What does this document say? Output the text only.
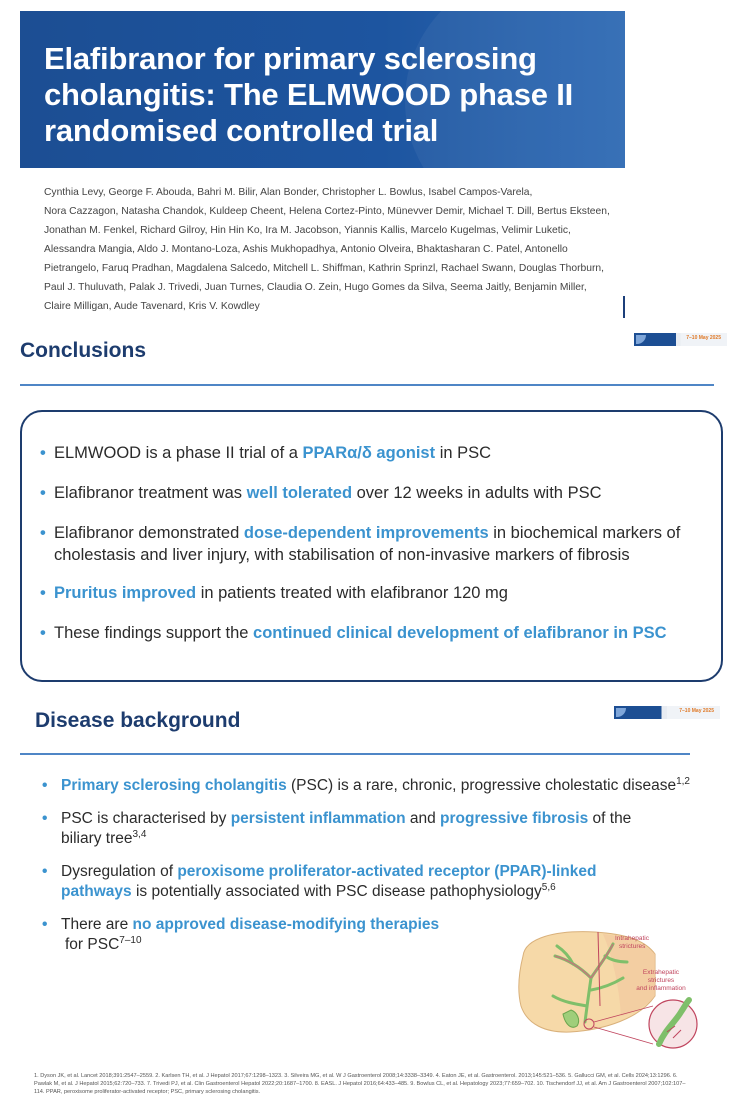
Elafibranor for primary sclerosing cholangitis: The ELMWOOD phase II randomised controlled trial
Cynthia Levy, George F. Abouda, Bahri M. Bilir, Alan Bonder, Christopher L. Bowlus, Isabel Campos-Varela,
Nora Cazzagon, Natasha Chandok, Kuldeep Cheent, Helena Cortez-Pinto, Münevver Demir, Michael T. Dill, Bertus Eksteen,
Jonathan M. Fenkel, Richard Gilroy, Hin Hin Ko, Ira M. Jacobson, Yiannis Kallis, Marcelo Kugelmas, Velimir Luketic,
Alessandra Mangia, Aldo J. Montano-Loza, Ashis Mukhopadhya, Antonio Olveira, Bhaktasharan C. Patel, Antonello
Pietrangelo, Faruq Pradhan, Magdalena Salcedo, Mitchell L. Shiffman, Kathrin Sprinzl, Rachael Swann, Douglas Thorburn,
Paul J. Thuluvath, Palak J. Trivedi, Juan Turnes, Claudia O. Zein, Hugo Gomes da Silva, Seema Jaitly, Benjamin Miller,
Claire Milligan, Aude Tavenard, Kris V. Kowdley
7–10 May 2025
Conclusions
• ELMWOOD is a phase II trial of a PPARα/δ agonist in PSC
• Elafibranor treatment was well tolerated over 12 weeks in adults with PSC
• Elafibranor demonstrated dose-dependent improvements in biochemical markers of cholestasis and liver injury, with stabilisation of non-invasive markers of fibrosis
• Pruritus improved in patients treated with elafibranor 120 mg
• These findings support the continued clinical development of elafibranor in PSC
Disease background	7–10 May 2025
• Primary sclerosing cholangitis (PSC) is a rare, chronic, progressive cholestatic disease$^{1,2}$
• PSC is characterised by persistent inflammation and progressive fibrosis of the biliary tree$^{3,4}$
• Dysregulation of peroxisome proliferator-activated receptor (PPAR)-linked pathways is potentially associated with PSC disease pathophysiology$^{5,6}$
• There are no approved disease-modifying therapies
for PSC$^{7-10}$	Intrahepatic
strictures
Extrahepatic
strictures
and inflammation
1. Dyson JK, et al. Lancet 2018;391:2547–2559. 2. Karlsen TH, et al. J Hepatol 2017;67:1298–1323. 3. Silveira MG, et al. W J Gastroenterol 2008;14:3338–3349. 4. Eaton JE, et al. Gastroenterol. 2013;145:521–536. 5. Gallucci GM, et al. Cells 2024;13:1296. 6. Pawlak M, et al. J Hepatol 2015;62:720–733. 7. Trivedi PJ, et al. Clin Gastroenterol Hepatol 2022;20:1687–1700. 8. EASL. J Hepatol 2016;64:433–485. 9. Bowlus CL, et al. Hepatology 2023;77:659–702. 10. Tischendorf JJ, et al. Am J Gastroenterol 2007;102:107–114. PPAR, peroxisome proliferator-activated receptor; PSC, primary sclerosing cholangitis.
